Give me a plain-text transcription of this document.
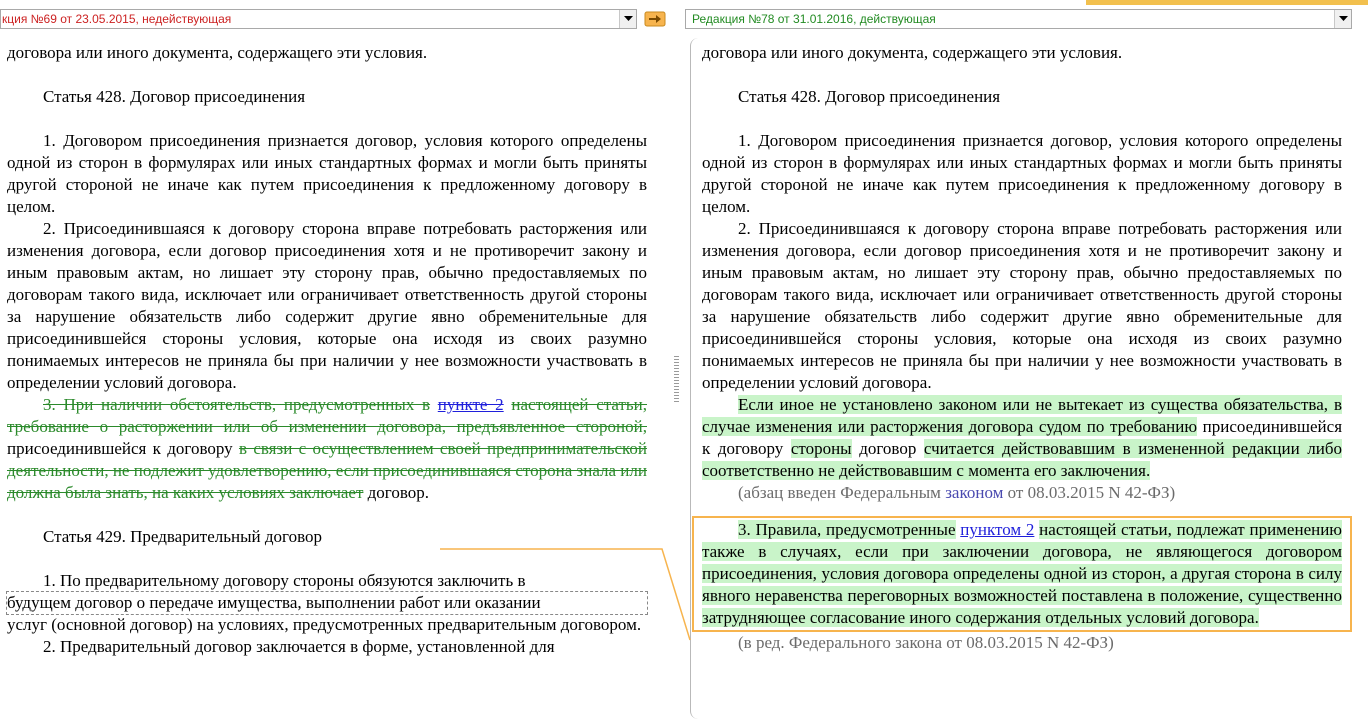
кция №69 от 23.05.2015, недействующая	Редакция №78 от 31.01.2016, действующая

договора или иного документа, содержащего эти условия.

Статья 428. Договор присоединения

1. Договором присоединения признается договор, условия которого определены одной из сторон в формулярах или иных стандартных формах и могли быть приняты другой стороной не иначе как путем присоединения к предложенному договору в целом.

2. Присоединившаяся к договору сторона вправе потребовать расторжения или изменения договора, если договор присоединения хотя и не противоречит закону и иным правовым актам, но лишает эту сторону прав, обычно предоставляемых по договорам такого вида, исключает или ограничивает ответственность другой стороны за нарушение обязательств либо содержит другие явно обременительные для присоединившейся стороны условия, которые она исходя из своих разумно понимаемых интересов не приняла бы при наличии у нее возможности участвовать в определении условий договора.

3. При наличии обстоятельств, предусмотренных в пункте 2 настоящей статьи, требование о расторжении или об изменении договора, предъявленное стороной, присоединившейся к договору в связи с осуществлением своей предпринимательской деятельности, не подлежит удовлетворению, если присоединившаяся сторона знала или должна была знать, на каких условиях заключает договор.

Статья 429. Предварительный договор

1. По предварительному договору стороны обязуются заключить в

будущем договор о передаче имущества, выполнении работ или оказании

услуг (основной договор) на условиях, предусмотренных предварительным договором.

2. Предварительный договор заключается в форме, установленной для

договора или иного документа, содержащего эти условия.

Статья 428. Договор присоединения

1. Договором присоединения признается договор, условия которого определены одной из сторон в формулярах или иных стандартных формах и могли быть приняты другой стороной не иначе как путем присоединения к предложенному договору в целом.

2. Присоединившаяся к договору сторона вправе потребовать расторжения или изменения договора, если договор присоединения хотя и не противоречит закону и иным правовым актам, но лишает эту сторону прав, обычно предоставляемых по договорам такого вида, исключает или ограничивает ответственность другой стороны за нарушение обязательств либо содержит другие явно обременительные для присоединившейся стороны условия, которые она исходя из своих разумно понимаемых интересов не приняла бы при наличии у нее возможности участвовать в определении условий договора.

Если иное не установлено законом или не вытекает из существа обязательства, в случае изменения или расторжения договора судом по требованию присоединившейся к договору стороны договор считается действовавшим в измененной редакции либо соответственно не действовавшим с момента его заключения.

(абзац введен Федеральным законом от 08.03.2015 N 42-ФЗ)

3. Правила, предусмотренные пунктом 2 настоящей статьи, подлежат применению также в случаях, если при заключении договора, не являющегося договором присоединения, условия договора определены одной из сторон, а другая сторона в силу явного неравенства переговорных возможностей поставлена в положение, существенно затрудняющее согласование иного содержания отдельных условий договора.

(в ред. Федерального закона от 08.03.2015 N 42-ФЗ)
